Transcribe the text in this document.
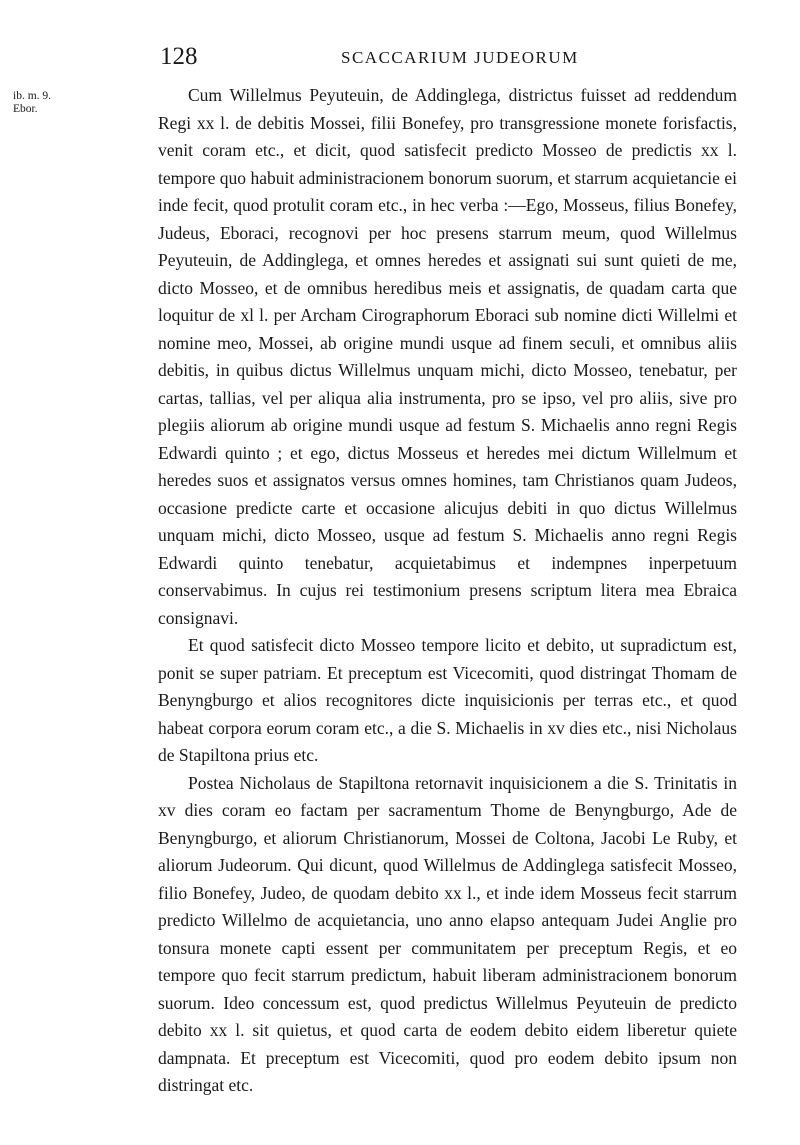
128	SCACCARIUM JUDEORUM
ib. m. 9.
Ebor.

Cum Willelmus Peyuteuin, de Addinglega, districtus fuisset ad reddendum Regi xx l. de debitis Mossei, filii Bonefey, pro transgressione monete forisfactis, venit coram etc., et dicit, quod satisfecit predicto Mosseo de predictis xx l. tempore quo habuit administracionem bonorum suorum, et starrum acquietancie ei inde fecit, quod protulit coram etc., in hec verba :—Ego, Mosseus, filius Bonefey, Judeus, Eboraci, recognovi per hoc presens starrum meum, quod Willelmus Peyuteuin, de Addinglega, et omnes heredes et assignati sui sunt quieti de me, dicto Mosseo, et de omnibus heredibus meis et assignatis, de quadam carta que loquitur de xl l. per Archam Cirographorum Eboraci sub nomine dicti Willelmi et nomine meo, Mossei, ab origine mundi usque ad finem seculi, et omnibus aliis debitis, in quibus dictus Willelmus unquam michi, dicto Mosseo, tenebatur, per cartas, tallias, vel per aliqua alia instrumenta, pro se ipso, vel pro aliis, sive pro plegiis aliorum ab origine mundi usque ad festum S. Michaelis anno regni Regis Edwardi quinto ; et ego, dictus Mosseus et heredes mei dictum Willelmum et heredes suos et assignatos versus omnes homines, tam Christianos quam Judeos, occasione predicte carte et occasione alicujus debiti in quo dictus Willelmus unquam michi, dicto Mosseo, usque ad festum S. Michaelis anno regni Regis Edwardi quinto tenebatur, acquietabimus et indempnes inperpetuum conservabimus. In cujus rei testimonium presens scriptum litera mea Ebraica consignavi.

Et quod satisfecit dicto Mosseo tempore licito et debito, ut supradictum est, ponit se super patriam. Et preceptum est Vicecomiti, quod distringat Thomam de Benyngburgo et alios recognitores dicte inquisicionis per terras etc., et quod habeat corpora eorum coram etc., a die S. Michaelis in xv dies etc., nisi Nicholaus de Stapiltona prius etc.

Postea Nicholaus de Stapiltona retornavit inquisicionem a die S. Trinitatis in xv dies coram eo factam per sacramentum Thome de Benyngburgo, Ade de Benyngburgo, et aliorum Christianorum, Mossei de Coltona, Jacobi Le Ruby, et aliorum Judeorum. Qui dicunt, quod Willelmus de Addinglega satisfecit Mosseo, filio Bonefey, Judeo, de quodam debito xx l., et inde idem Mosseus fecit starrum predicto Willelmo de acquietancia, uno anno elapso antequam Judei Anglie pro tonsura monete capti essent per communitatem per preceptum Regis, et eo tempore quo fecit starrum predictum, habuit liberam administracionem bonorum suorum. Ideo concessum est, quod predictus Willelmus Peyuteuin de predicto debito xx l. sit quietus, et quod carta de eodem debito eidem liberetur quiete dampnata. Et preceptum est Vicecomiti, quod pro eodem debito ipsum non distringat etc.
